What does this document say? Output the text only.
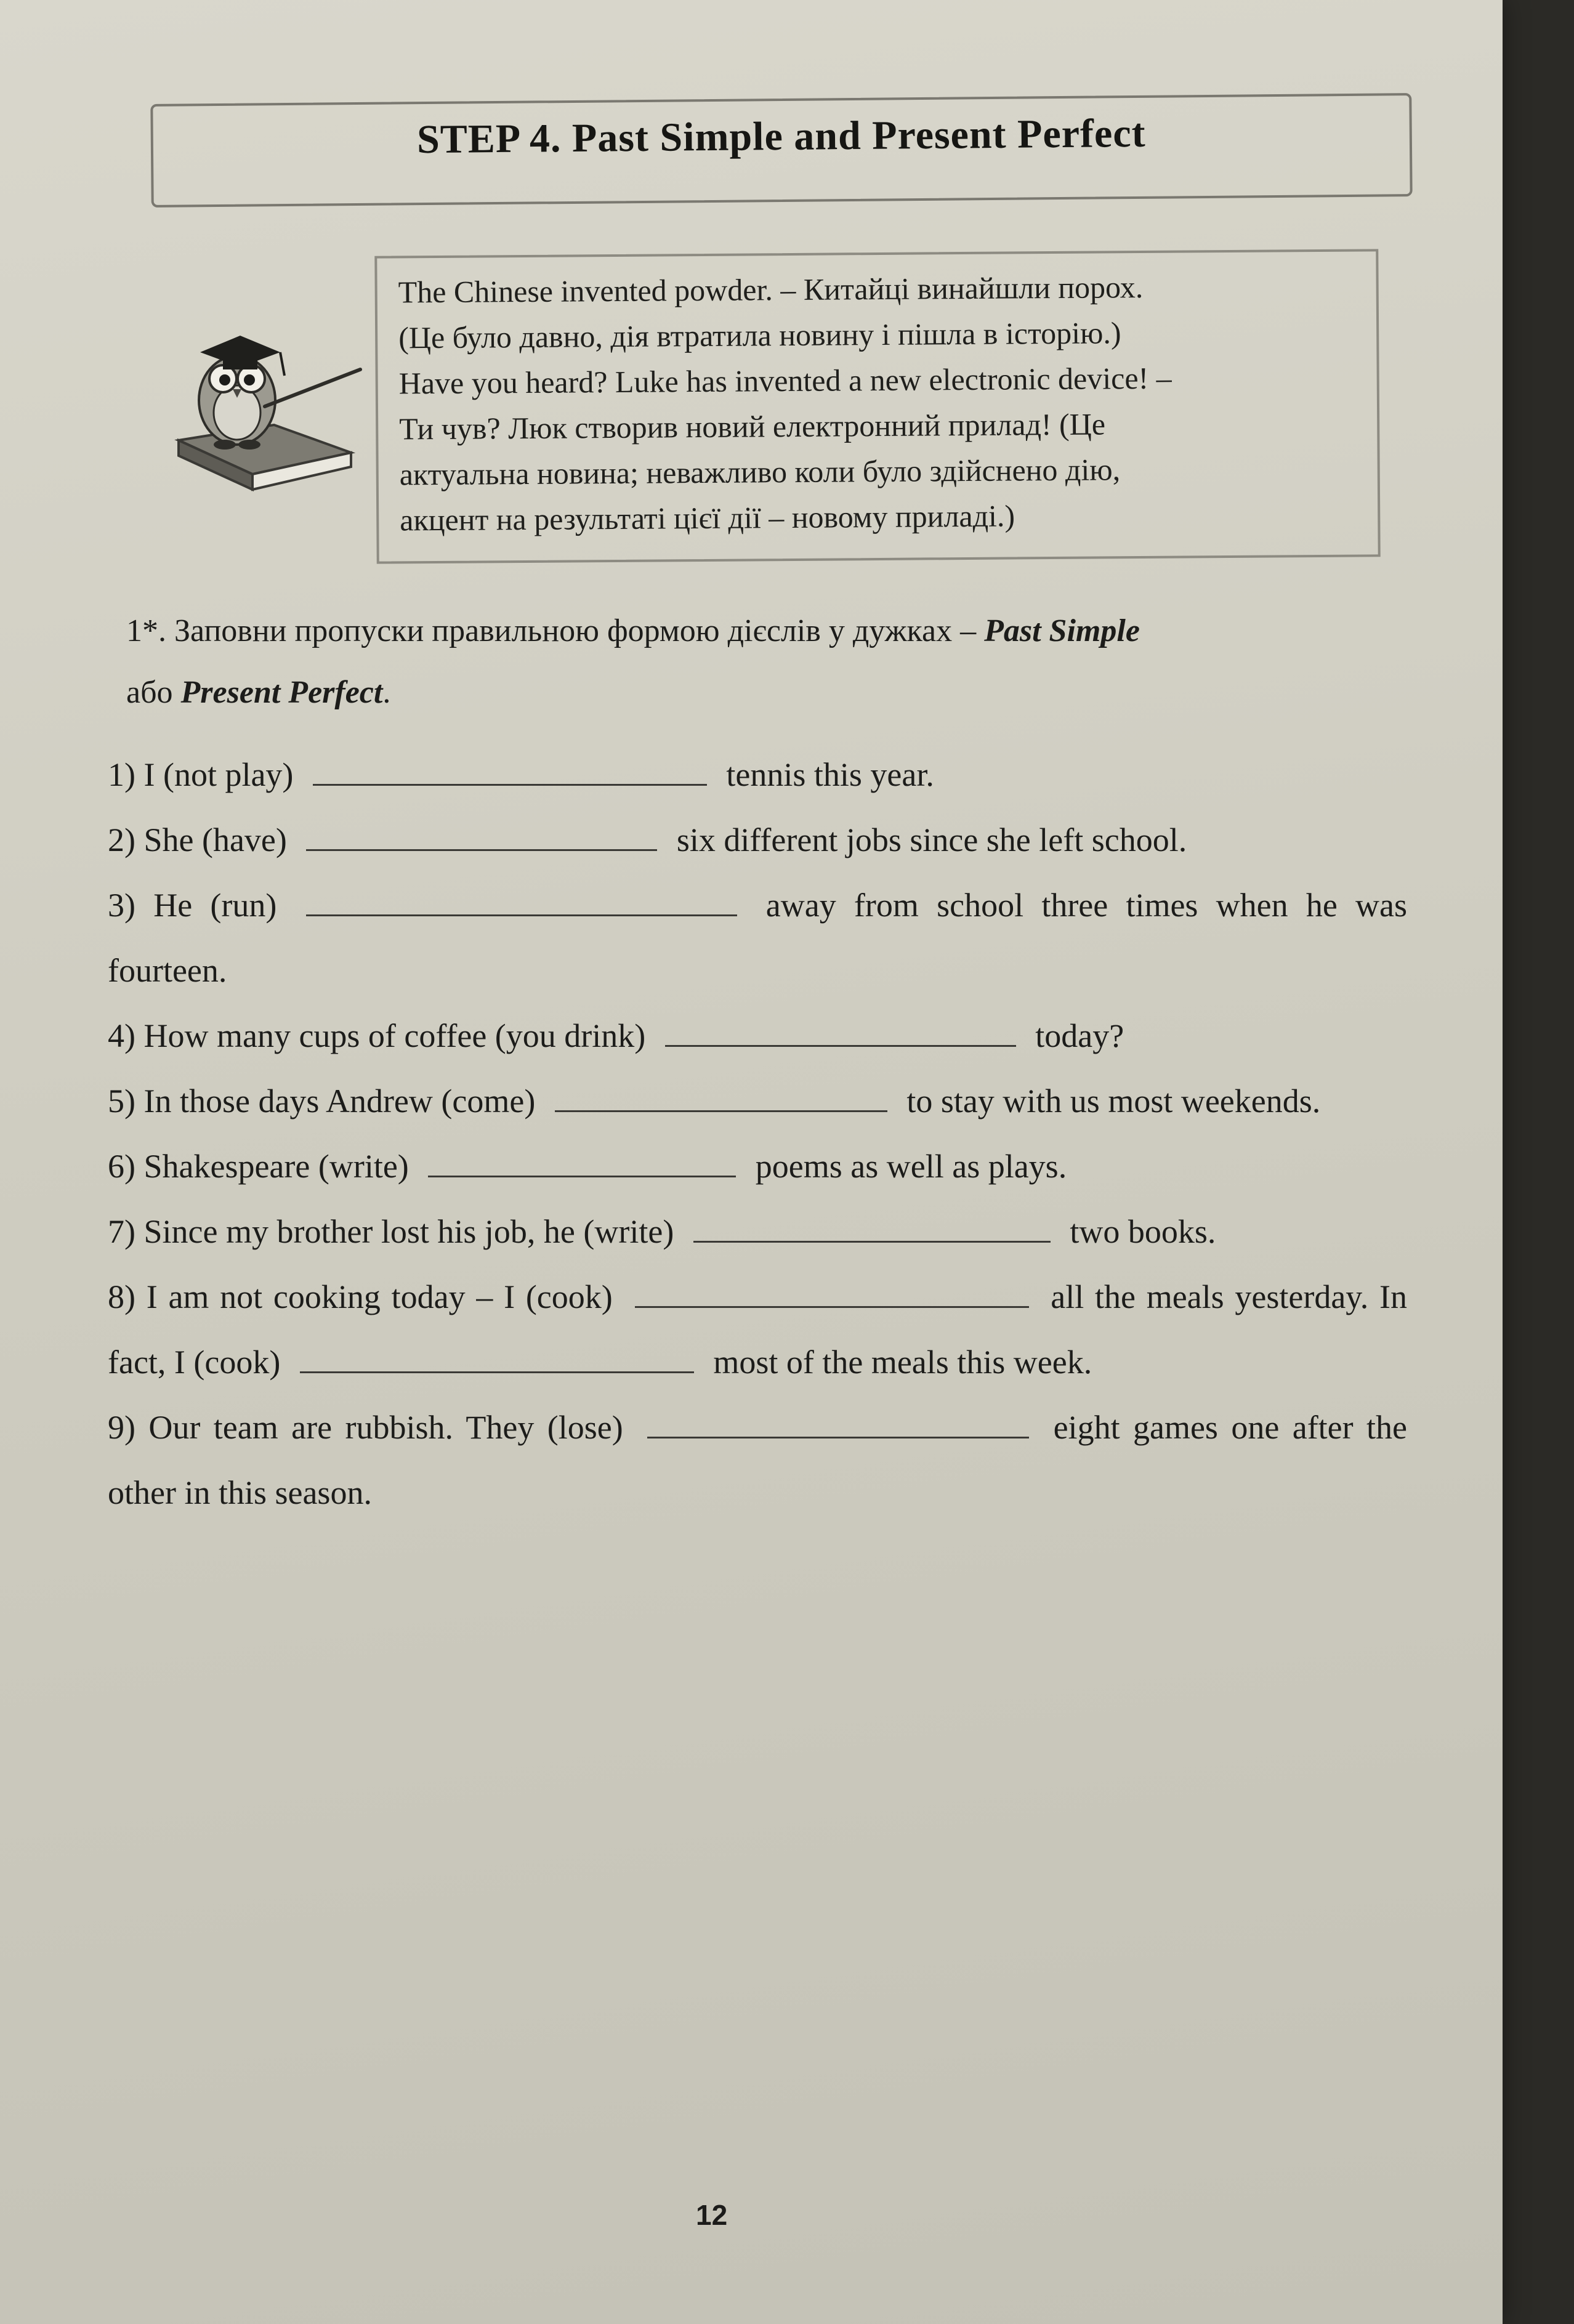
STEP 4. Past Simple and Present Perfect

The Chinese invented powder. – Китайці винайшли порох.

(Це було давно, дія втратила новину і пішла в історію.)

Have you heard? Luke has invented a new electronic device! –

Ти чув? Люк створив новий електронний прилад! (Це

актуальна новина; неважливо коли було здійснено дію,

акцент на результаті цієї дії – новому приладі.)

1*. Заповни пропуски правильною формою дієслів у дужках – Past Simple
або Present Perfect.
1) I (not play)	tennis this year.
2) She (have)	six different jobs since she left school.
3) He (run)	away from school three times when he was fourteen.
4) How many cups of coffee (you drink)	today?
5) In those days Andrew (come)	to stay with us most weekends.
6) Shakespeare (write)	poems as well as plays.
7) Since my brother lost his job, he (write)	two books.
8) I am not cooking today – I (cook)	all the meals yesterday. In fact, I (cook)	most of the meals this week.
9) Our team are rubbish. They (lose)	eight games one after the other in this season.
12
